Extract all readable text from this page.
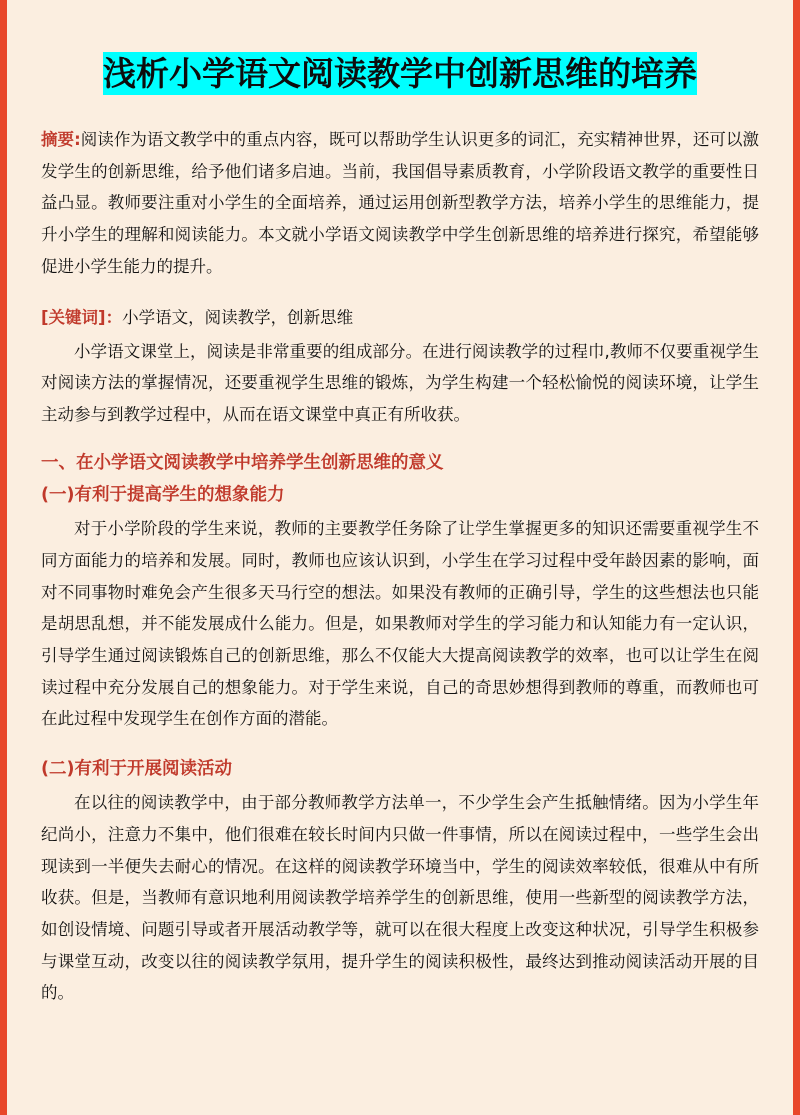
浅析小学语文阅读教学中创新思维的培养
摘要:阅读作为语文教学中的重点内容，既可以帮助学生认识更多的词汇，充实精神世界，还可以激发学生的创新思维，给予他们诸多启迪。当前，我国倡导素质教育，小学阶段语文教学的重要性日益凸显。教师要注重对小学生的全面培养，通过运用创新型教学方法，培养小学生的思维能力，提升小学生的理解和阅读能力。本文就小学语文阅读教学中学生创新思维的培养进行探究，希望能够促进小学生能力的提升。
[关键词]：小学语文，阅读教学，创新思维

小学语文课堂上，阅读是非常重要的组成部分。在进行阅读教学的过程巾,教师不仅要重视学生对阅读方法的掌握情况，还要重视学生思维的锻炼，为学生构建一个轻松愉悦的阅读环境，让学生主动参与到教学过程中，从而在语文课堂中真正有所收获。

一、在小学语文阅读教学中培养学生创新思维的意义
(一)有利于提高学生的想象能力

对于小学阶段的学生来说，教师的主要教学任务除了让学生掌握更多的知识还需要重视学生不同方面能力的培养和发展。同时，教师也应该认识到，小学生在学习过程中受年龄因素的影响，面对不同事物时难免会产生很多天马行空的想法。如果没有教师的正确引导，学生的这些想法也只能是胡思乱想，并不能发展成什么能力。但是，如果教师对学生的学习能力和认知能力有一定认识，引导学生通过阅读锻炼自己的创新思维，那么不仅能大大提高阅读教学的效率，也可以让学生在阅读过程中充分发展自己的想象能力。对于学生来说，自己的奇思妙想得到教师的尊重，而教师也可在此过程中发现学生在创作方面的潜能。

(二)有利于开展阅读活动

在以往的阅读教学中，由于部分教师教学方法单一，不少学生会产生抵触情绪。因为小学生年纪尚小，注意力不集中，他们很难在较长时间内只做一件事情，所以在阅读过程中，一些学生会出现读到一半便失去耐心的情况。在这样的阅读教学环境当中，学生的阅读效率较低，很难从中有所收获。但是，当教师有意识地利用阅读教学培养学生的创新思维，使用一些新型的阅读教学方法，如创设情境、问题引导或者开展活动教学等，就可以在很大程度上改变这种状况，引导学生积极参与课堂互动，改变以往的阅读教学氛用，提升学生的阅读积极性，最终达到推动阅读活动开展的目的。
